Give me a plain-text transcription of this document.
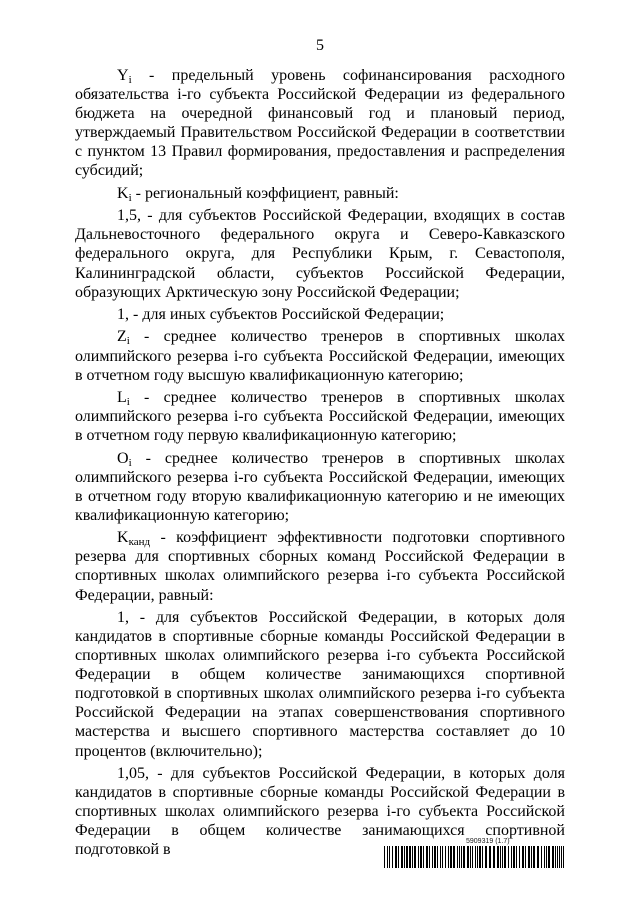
5

$Y_i$ - предельный уровень софинансирования расходного обязательства i-го субъекта Российской Федерации из федерального бюджета на очередной финансовый год и плановый период, утверждаемый Правительством Российской Федерации в соответствии с пунктом 13 Правил формирования, предоставления и распределения субсидий;

$K_i$ - региональный коэффициент, равный:

1,5, - для субъектов Российской Федерации, входящих в состав Дальневосточного федерального округа и Северо-Кавказского федерального округа, для Республики Крым, г. Севастополя, Калининградской области, субъектов Российской Федерации, образующих Арктическую зону Российской Федерации;

1, - для иных субъектов Российской Федерации;

$Z_i$ - среднее количество тренеров в спортивных школах олимпийского резерва i-го субъекта Российской Федерации, имеющих в отчетном году высшую квалификационную категорию;

$L_i$ - среднее количество тренеров в спортивных школах олимпийского резерва i-го субъекта Российской Федерации, имеющих в отчетном году первую квалификационную категорию;

$O_i$ - среднее количество тренеров в спортивных школах олимпийского резерва i-го субъекта Российской Федерации, имеющих в отчетном году вторую квалификационную категорию и не имеющих квалификационную категорию;

$K_{канд}$ - коэффициент эффективности подготовки спортивного резерва для спортивных сборных команд Российской Федерации в спортивных школах олимпийского резерва i-го субъекта Российской Федерации, равный:

1, - для субъектов Российской Федерации, в которых доля кандидатов в спортивные сборные команды Российской Федерации в спортивных школах олимпийского резерва i-го субъекта Российской Федерации в общем количестве занимающихся спортивной подготовкой в спортивных школах олимпийского резерва i-го субъекта Российской Федерации на этапах совершенствования спортивного мастерства и высшего спортивного мастерства составляет до 10 процентов (включительно);

1,05, - для субъектов Российской Федерации, в которых доля кандидатов в спортивные сборные команды Российской Федерации в спортивных школах олимпийского резерва i-го субъекта Российской Федерации в общем количестве занимающихся спортивной подготовкой в	5909319 (1.7)
